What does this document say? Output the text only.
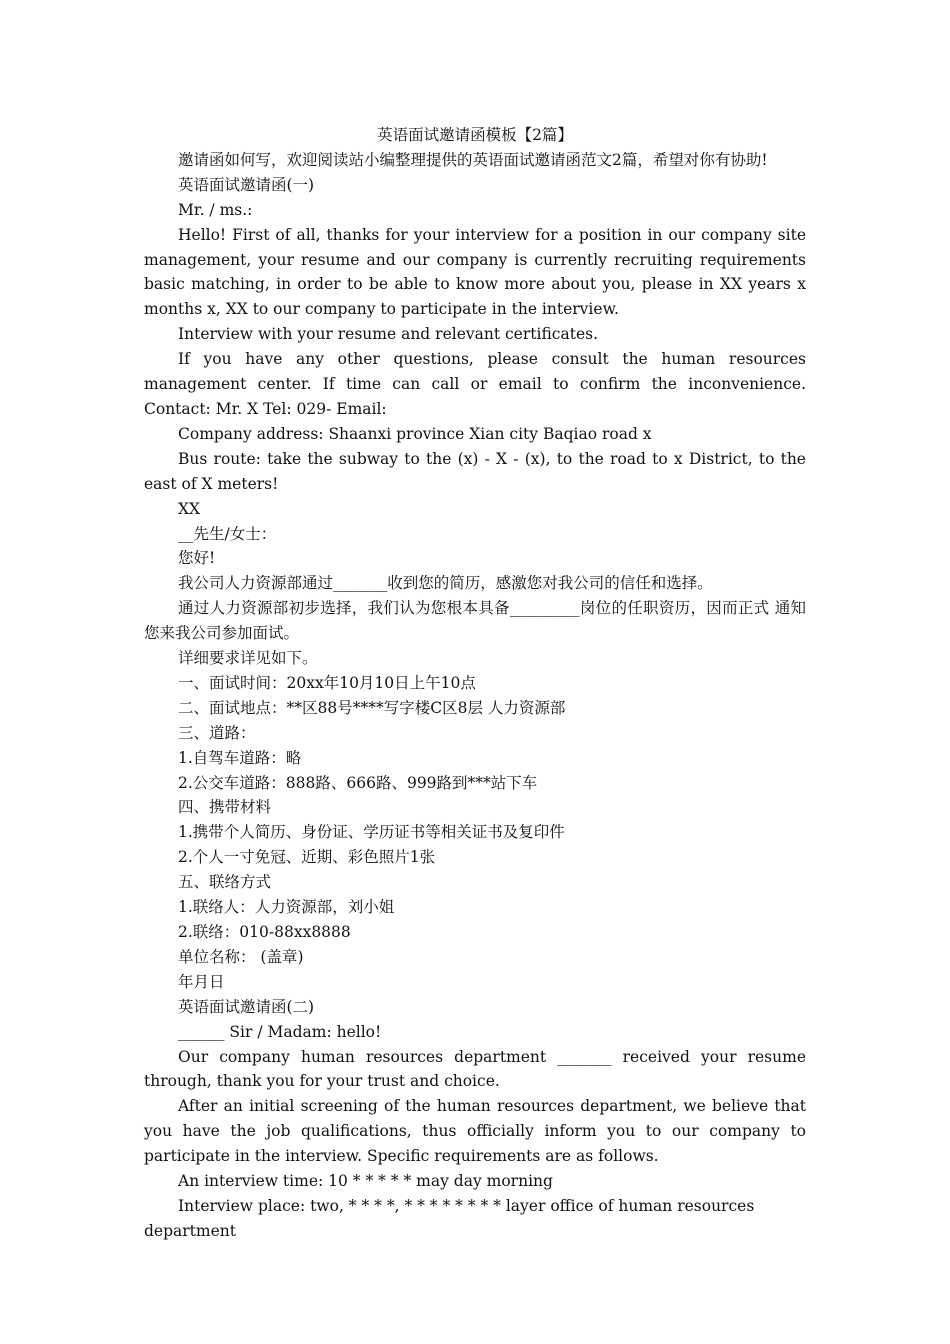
英语面试邀请函模板【2篇】

邀请函如何写，欢迎阅读站小编整理提供的英语面试邀请函范文2篇，希望对你有协助!

英语面试邀请函(一)

Mr. / ms.:

Hello! First of all, thanks for your interview for a position in our company site management, your resume and our company is currently recruiting requirements basic matching, in order to be able to know more about you, please in XX years x months x, XX to our company to participate in the interview.

Interview with your resume and relevant certificates.

If you have any other questions, please consult the human resources management center. If time can call or email to confirm the inconvenience. Contact: Mr. X Tel: 029- Email:

Company address: Shaanxi province Xian city Baqiao road x

Bus route: take the subway to the (x) - X - (x), to the road to x District, to the east of X meters!

XX

__先生/女士：

您好!

我公司人力资源部通过_______收到您的简历，感激您对我公司的信任和选择。

通过人力资源部初步选择，我们认为您根本具备_________岗位的任职资历，因而正式 通知您来我公司参加面试。

详细要求详见如下。

一、面试时间：20xx年10月10日上午10点

二、面试地点：**区88号****写字楼C区8层 人力资源部

三、道路：

1.自驾车道路：略

2.公交车道路：888路、666路、999路到***站下车

四、携带材料

1.携带个人简历、身份证、学历证书等相关证书及复印件

2.个人一寸免冠、近期、彩色照片1张

五、联络方式

1.联络人：人力资源部，刘小姐

2.联络：010-88xx8888

单位名称： (盖章)

年月日

英语面试邀请函(二)

______ Sir / Madam: hello!

Our company human resources department _______ received your resume through, thank you for your trust and choice.

After an initial screening of the human resources department, we believe that you have the job qualifications, thus officially inform you to our company to participate in the interview. Specific requirements are as follows.

An interview time: 10 * * * * * may day morning

Interview place: two, * * * *, * * * * * * * * layer office of human resources department
